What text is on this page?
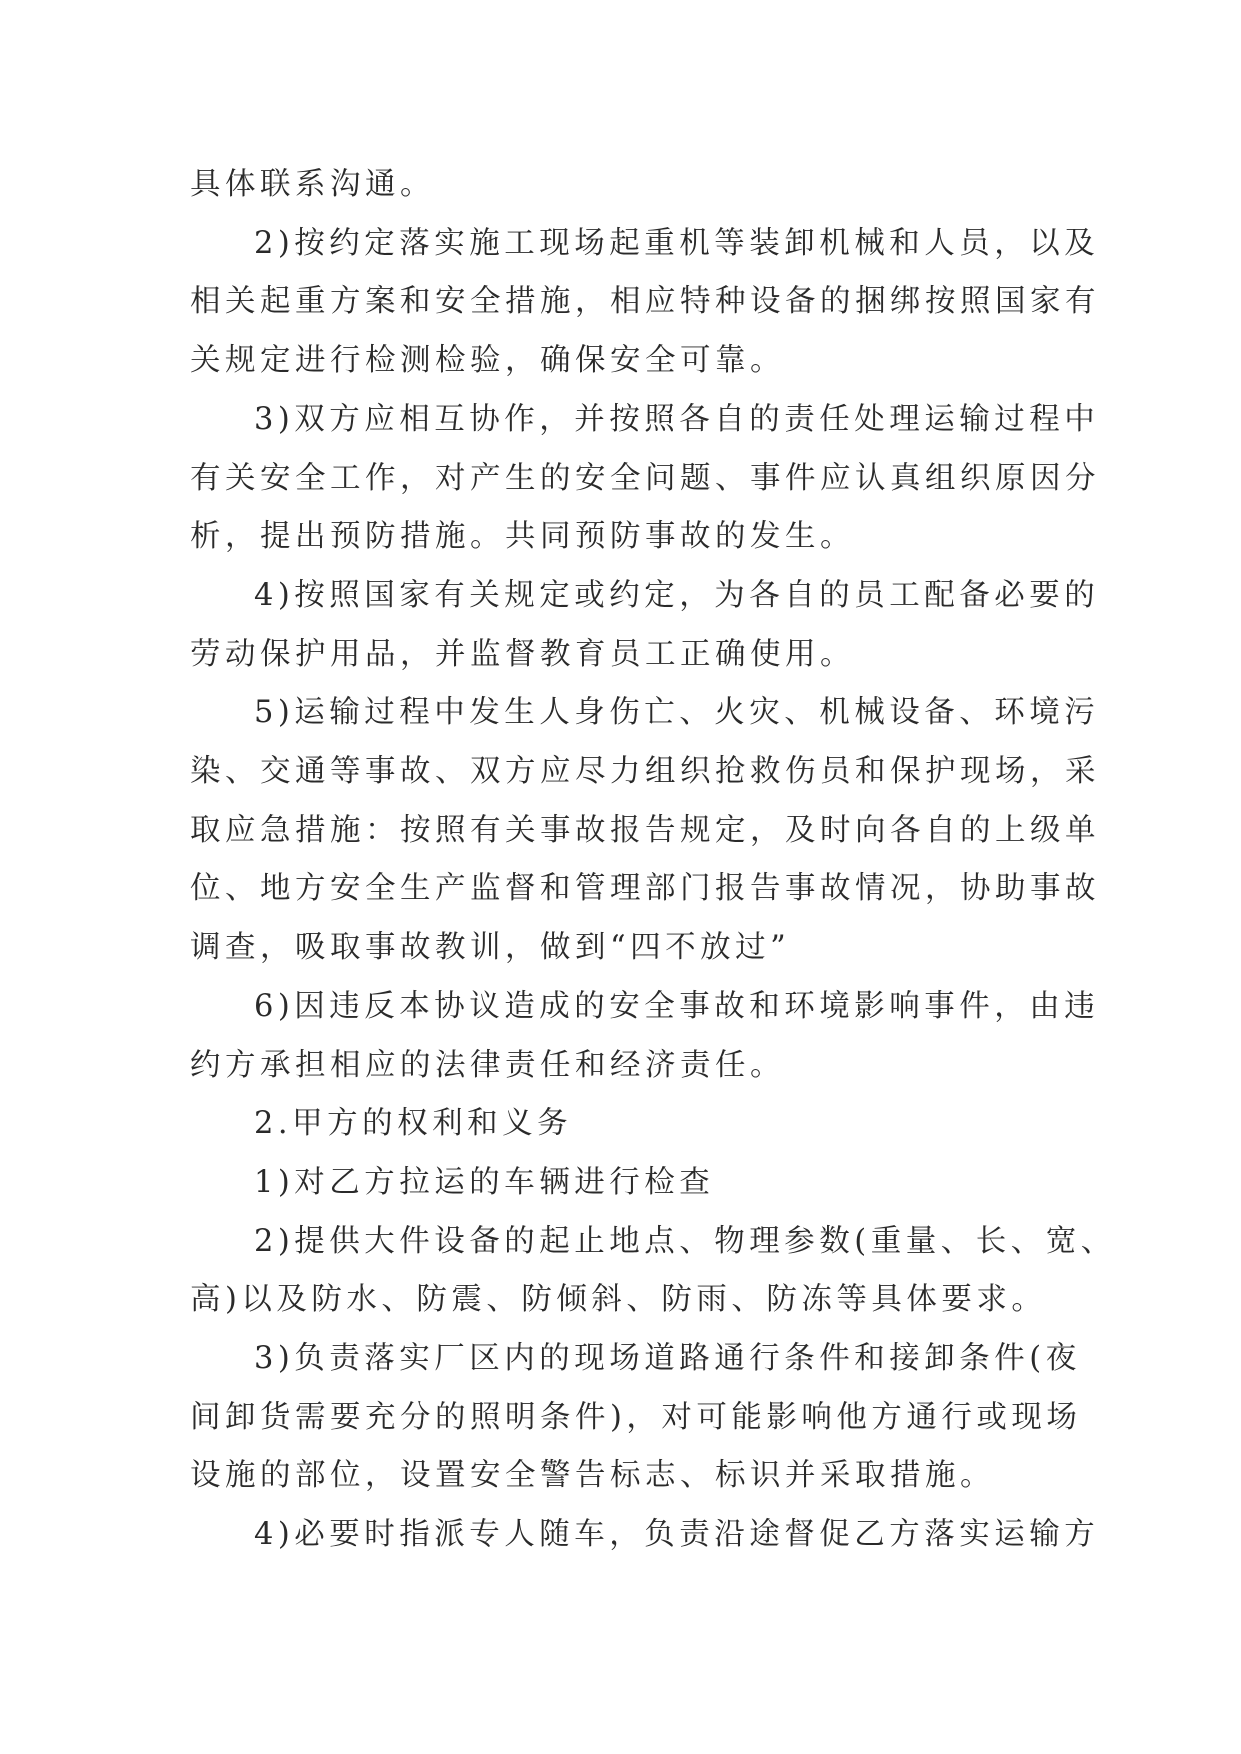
具体联系沟通。
2)按约定落实施工现场起重机等装卸机械和人员，以及
相关起重方案和安全措施，相应特种设备的捆绑按照国家有
关规定进行检测检验，确保安全可靠。
3)双方应相互协作，并按照各自的责任处理运输过程中
有关安全工作，对产生的安全问题、事件应认真组织原因分
析，提出预防措施。共同预防事故的发生。
4)按照国家有关规定或约定，为各自的员工配备必要的
劳动保护用品，并监督教育员工正确使用。
5)运输过程中发生人身伤亡、火灾、机械设备、环境污
染、交通等事故、双方应尽力组织抢救伤员和保护现场，采
取应急措施：按照有关事故报告规定，及时向各自的上级单
位、地方安全生产监督和管理部门报告事故情况，协助事故
调查，吸取事故教训，做到“四不放过”
6)因违反本协议造成的安全事故和环境影响事件，由违
约方承担相应的法律责任和经济责任。
2.甲方的权利和义务
1)对乙方拉运的车辆进行检查
2)提供大件设备的起止地点、物理参数(重量、长、宽、
高)以及防水、防震、防倾斜、防雨、防冻等具体要求。
3)负责落实厂区内的现场道路通行条件和接卸条件(夜
间卸货需要充分的照明条件)，对可能影响他方通行或现场
设施的部位，设置安全警告标志、标识并采取措施。
4)必要时指派专人随车，负责沿途督促乙方落实运输方
